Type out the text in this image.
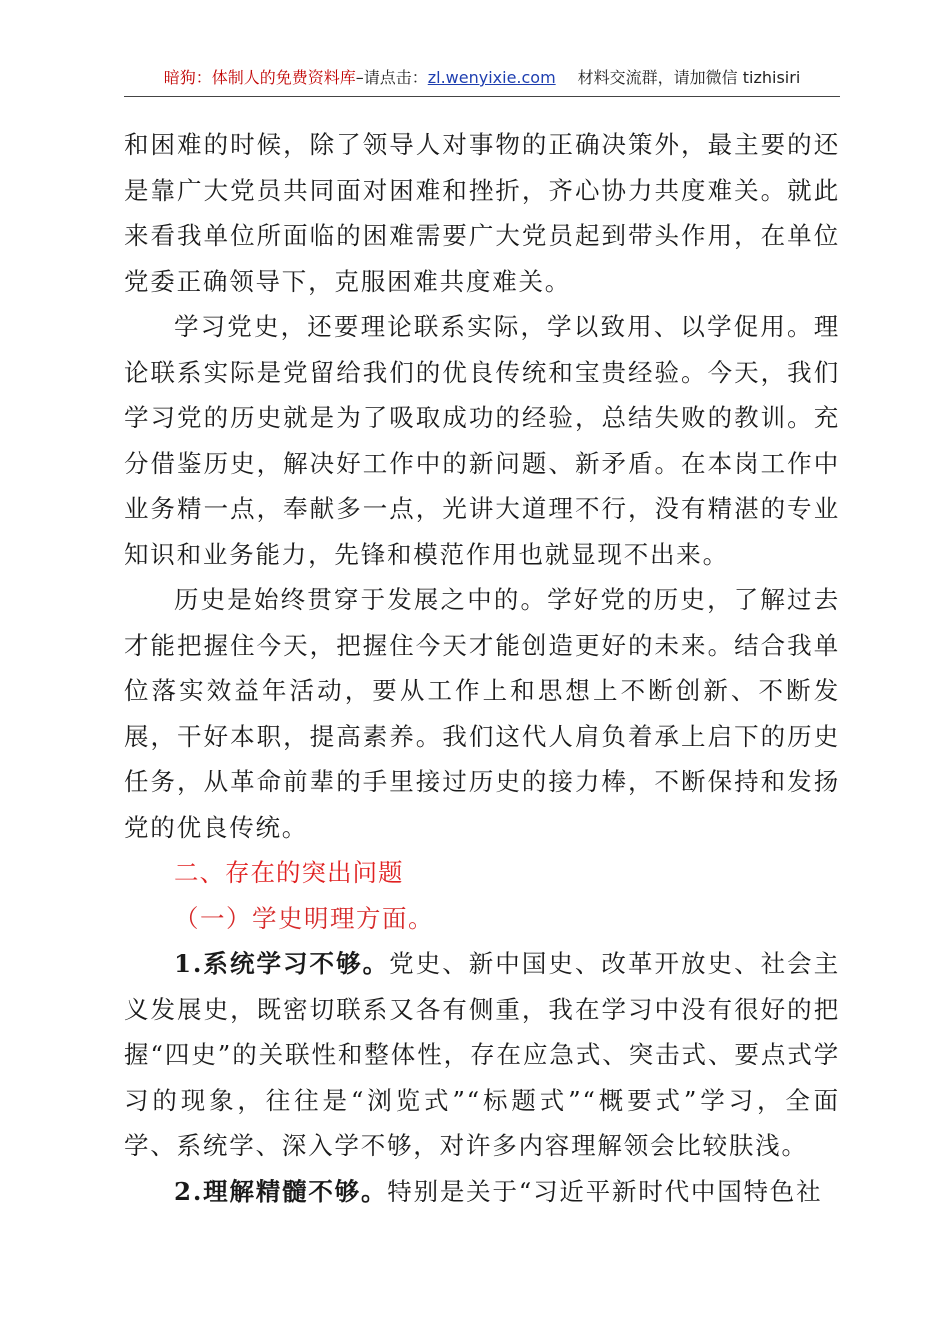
暗狗：体制人的免费资料库–请点击：zl.wenyixie.com 材料交流群，请加微信 tizhisiri

和困难的时候，除了领导人对事物的正确决策外，最主要的还是靠广大党员共同面对困难和挫折，齐心协力共度难关。就此来看我单位所面临的困难需要广大党员起到带头作用，在单位党委正确领导下，克服困难共度难关。

学习党史，还要理论联系实际，学以致用、以学促用。理论联系实际是党留给我们的优良传统和宝贵经验。今天，我们学习党的历史就是为了吸取成功的经验，总结失败的教训。充分借鉴历史，解决好工作中的新问题、新矛盾。在本岗工作中业务精一点，奉献多一点，光讲大道理不行，没有精湛的专业知识和业务能力，先锋和模范作用也就显现不出来。

历史是始终贯穿于发展之中的。学好党的历史，了解过去才能把握住今天，把握住今天才能创造更好的未来。结合我单位落实效益年活动，要从工作上和思想上不断创新、不断发展，干好本职，提高素养。我们这代人肩负着承上启下的历史任务，从革命前辈的手里接过历史的接力棒，不断保持和发扬党的优良传统。

二、存在的突出问题

（一）学史明理方面。

1.系统学习不够。党史、新中国史、改革开放史、社会主义发展史，既密切联系又各有侧重，我在学习中没有很好的把握“四史”的关联性和整体性，存在应急式、突击式、要点式学习的现象，往往是“浏览式”“标题式”“概要式”学习，全面学、系统学、深入学不够，对许多内容理解领会比较肤浅。

2.理解精髓不够。特别是关于“习近平新时代中国特色社
